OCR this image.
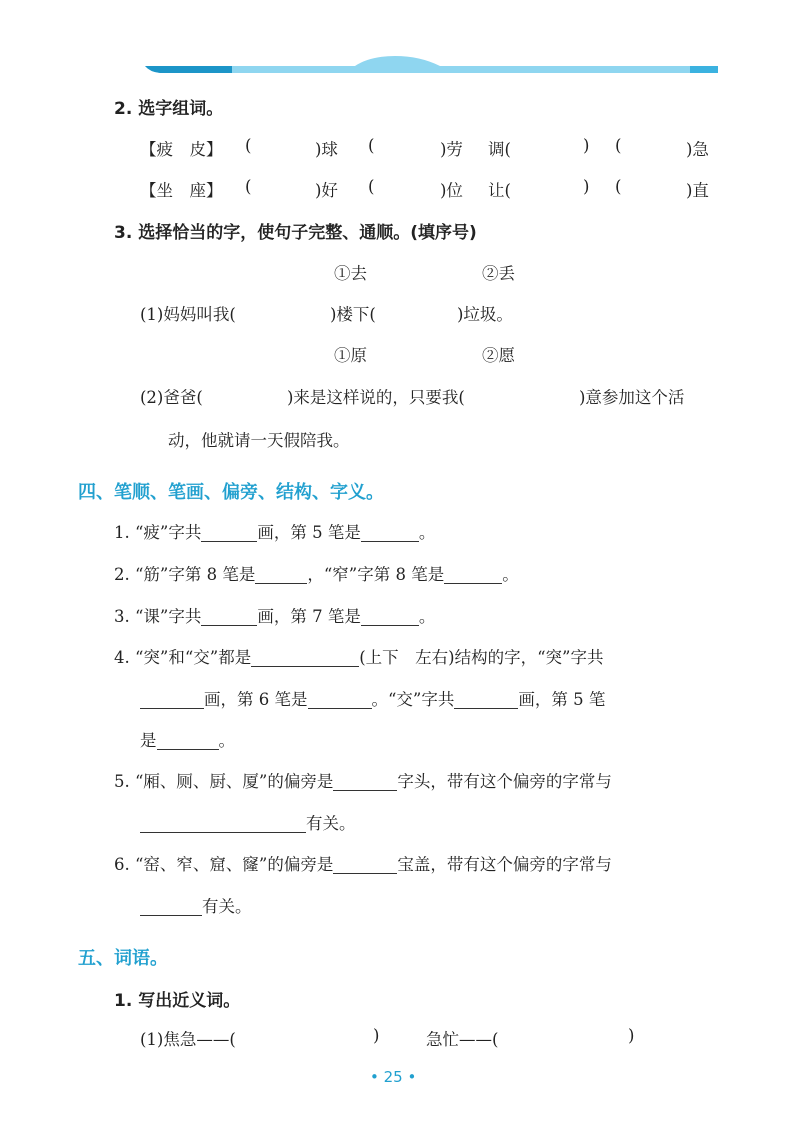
2. 选字组词。
【疲　皮】 (	)球 (	)劳 调(	) (	)急
【坐　座】 (	)好 (	)位 让(	) (	)直
3. 选择恰当的字，使句子完整、通顺。(填序号)
①去	②丢
(1)妈妈叫我(	)楼下(	)垃圾。
①原	②愿
(2)爸爸(	)来是这样说的，只要我(	)意参加这个活
动，他就请一天假陪我。
四、笔顺、笔画、偏旁、结构、字义。
1. “疲”字共	画，第 5 笔是	。
2. “筋”字第 8 笔是	，“窄”字第 8 笔是	。
3. “课”字共	画，第 7 笔是	。
4. “突”和“交”都是	(上下　左右)结构的字，“突”字共
画，第 6 笔是	。“交”字共	画，第 5 笔
是	。
5. “厢、厕、厨、厦”的偏旁是	字头，带有这个偏旁的字常与
有关。
6. “窑、窄、窟、窿”的偏旁是	宝盖，带有这个偏旁的字常与
有关。
五、词语。
1. 写出近义词。
(1)焦急——(	)	急忙——(	)
• 25 •
